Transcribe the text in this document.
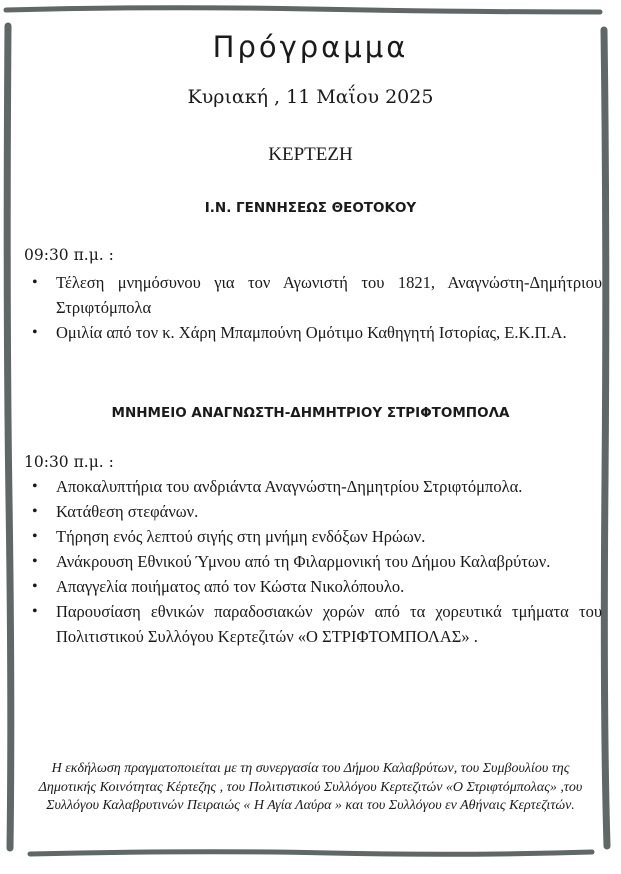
Πρόγραμμα
Κυριακή , 11 Μαΐου 2025
ΚΕΡΤΕΖΗ
Ι.Ν. ΓΕΝΝΗΣΕΩΣ ΘΕΟΤΟΚΟΥ
09:30 π.μ. :
• Τέλεση μνημόσυνου για τον Αγωνιστή του 1821, Αναγνώστη-Δημήτριου Στριφτόμπολα
• Ομιλία από τον κ. Χάρη Μπαμπούνη Ομότιμο Καθηγητή Ιστορίας, Ε.Κ.Π.Α.
ΜΝΗΜΕΙΟ ΑΝΑΓΝΩΣΤΗ-ΔΗΜΗΤΡΙΟΥ ΣΤΡΙΦΤΟΜΠΟΛΑ
10:30 π.μ. :
• Αποκαλυπτήρια του ανδριάντα Αναγνώστη-Δημητρίου Στριφτόμπολα.
• Κατάθεση στεφάνων.
• Τήρηση ενός λεπτού σιγής στη μνήμη ενδόξων Ηρώων.
• Ανάκρουση Εθνικού Ύμνου από τη Φιλαρμονική του Δήμου Καλαβρύτων.
• Απαγγελία ποιήματος από τον Κώστα Νικολόπουλο.
• Παρουσίαση εθνικών παραδοσιακών χορών από τα χορευτικά τμήματα του Πολιτιστικού Συλλόγου Κερτεζιτών «Ο ΣΤΡΙΦΤΟΜΠΟΛΑΣ» .
Η εκδήλωση πραγματοποιείται με τη συνεργασία του Δήμου Καλαβρύτων, του Συμβουλίου της Δημοτικής Κοινότητας Κέρτεζης , του Πολιτιστικού Συλλόγου Κερτεζιτών «Ο Στριφτόμπολας» ,του Συλλόγου Καλαβρυτινών Πειραιώς « Η Αγία Λαύρα » και του Συλλόγου εν Αθήναις Κερτεζιτών.
